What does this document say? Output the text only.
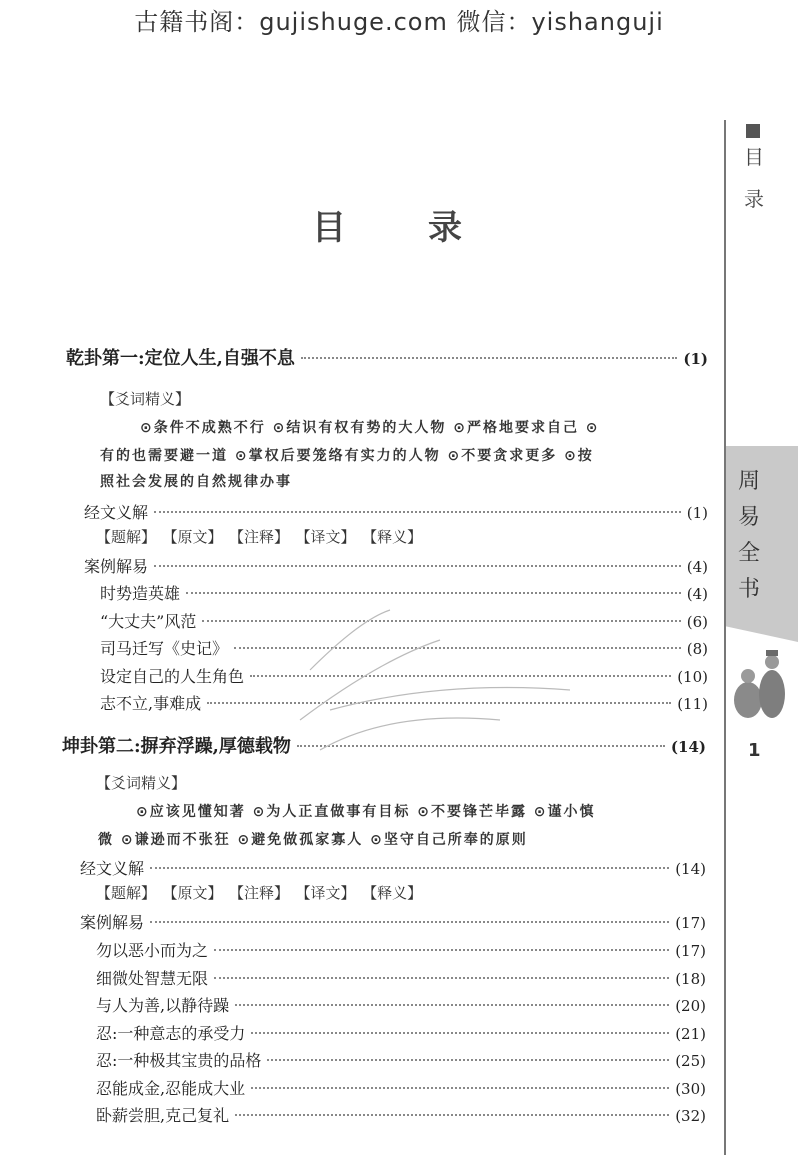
古籍书阁：gujishuge.com 微信：yishanguji
目
录
周
易
全
书
1
目录
乾卦第一:定位人生,自强不息	(1)
【爻词精义】
⊙条件不成熟不行 ⊙结识有权有势的大人物 ⊙严格地要求自己 ⊙
有的也需要避一道 ⊙掌权后要笼络有实力的人物 ⊙不要贪求更多 ⊙按
照社会发展的自然规律办事
经文义解	(1)
【题解】 【原文】 【注释】 【译文】 【释义】
案例解易	(4)
时势造英雄	(4)
“大丈夫”风范	(6)
司马迁写《史记》	(8)
设定自己的人生角色	(10)
志不立,事难成	(11)
坤卦第二:摒弃浮躁,厚德载物	(14)
【爻词精义】
⊙应该见懂知著 ⊙为人正直做事有目标 ⊙不要锋芒毕露 ⊙谨小慎
微 ⊙谦逊而不张狂 ⊙避免做孤家寡人 ⊙坚守自己所奉的原则
经文义解	(14)
【题解】 【原文】 【注释】 【译文】 【释义】
案例解易	(17)
勿以恶小而为之	(17)
细微处智慧无限	(18)
与人为善,以静待躁	(20)
忍:一种意志的承受力	(21)
忍:一种极其宝贵的品格	(25)
忍能成金,忍能成大业	(30)
卧薪尝胆,克己复礼	(32)
